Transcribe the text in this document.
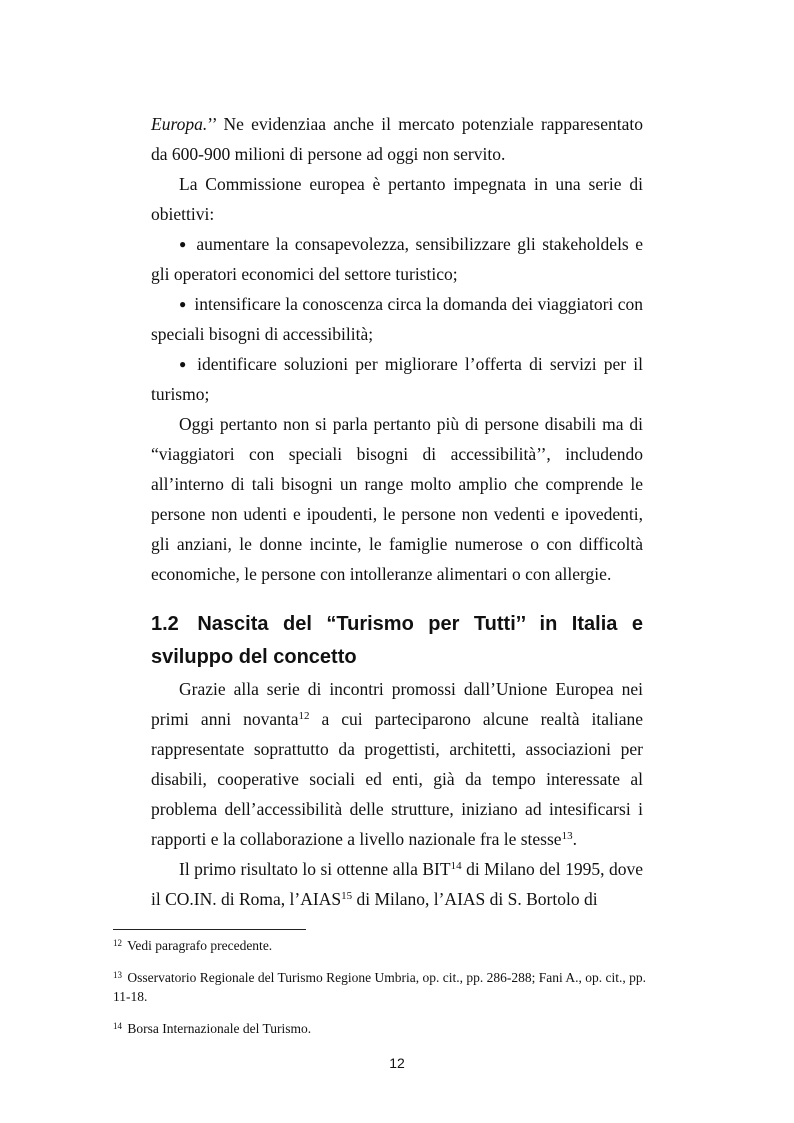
Europa.’’ Ne evidenziaa anche il mercato potenziale rapparesentato da 600-900 milioni di persone ad oggi non servito.

La Commissione europea è pertanto impegnata in una serie di obiettivi:

● aumentare la consapevolezza, sensibilizzare gli stakeholdels e gli operatori economici del settore turistico;

● intensificare la conoscenza circa la domanda dei viaggiatori con speciali bisogni di accessibilità;

● identificare soluzioni per migliorare l’offerta di servizi per il turismo;

Oggi pertanto non si parla pertanto più di persone disabili ma di “viaggiatori con speciali bisogni di accessibilità’’, includendo all’interno di tali bisogni un range molto amplio che comprende le persone non udenti e ipoudenti, le persone non vedenti e ipovedenti, gli anziani, le donne incinte, le famiglie numerose o con difficoltà economiche, le persone con intolleranze alimentari o con allergie.

1.2 Nascita del “Turismo per Tutti’’ in Italia e sviluppo del concetto

Grazie alla serie di incontri promossi dall’Unione Europea nei primi anni novanta$^{12}$ a cui parteciparono alcune realtà italiane rappresentate soprattutto da progettisti, architetti, associazioni per disabili, cooperative sociali ed enti, già da tempo interessate al problema dell’accessibilità delle strutture, iniziano ad intesificarsi i rapporti e la collaborazione a livello nazionale fra le stesse$^{13}$.

Il primo risultato lo si ottenne alla BIT$^{14}$ di Milano del 1995, dove il CO.IN. di Roma, l’AIAS$^{15}$ di Milano, l’AIAS di S. Bortolo di

$^{12}$ Vedi paragrafo precedente.

$^{13}$ Osservatorio Regionale del Turismo Regione Umbria, op. cit., pp. 286-288; Fani A., op. cit., pp. 11-18.

$^{14}$ Borsa Internazionale del Turismo.

12
